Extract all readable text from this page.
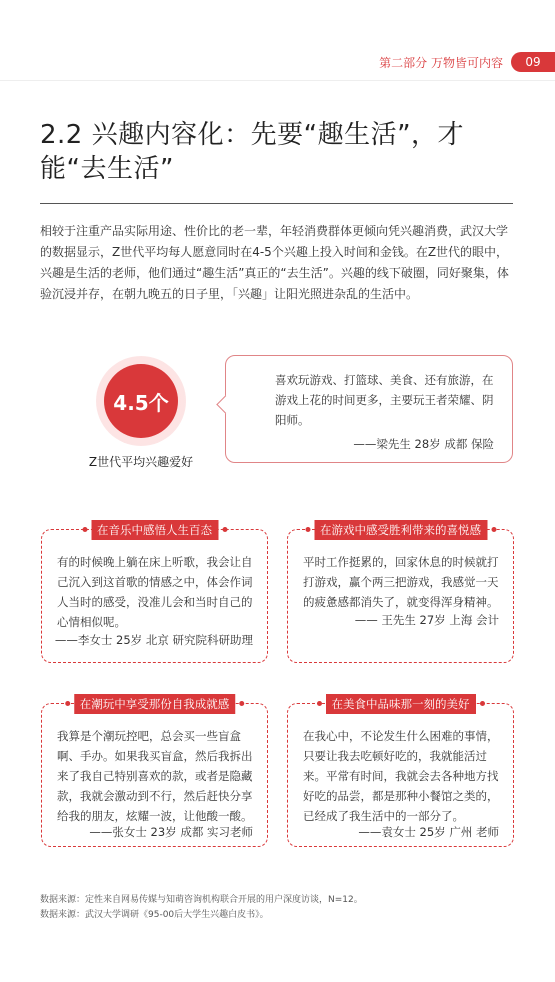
第二部分 万物皆可内容	09
2.2 兴趣内容化：先要“趣生活”，才能“去生活”
相较于注重产品实际用途、性价比的老一辈，年轻消费群体更倾向凭兴趣消费，武汉大学的数据显示，Z世代平均每人愿意同时在4-5个兴趣上投入时间和金钱。在Z世代的眼中，兴趣是生活的老师，他们通过“趣生活”真正的“去生活”。兴趣的线下破圈，同好聚集，体验沉浸并存，在朝九晚五的日子里，「兴趣」让阳光照进杂乱的生活中。
4.5个
Z世代平均兴趣爱好
喜欢玩游戏、打篮球、美食、还有旅游，在游戏上花的时间更多，主要玩王者荣耀、阴阳师。
——梁先生 28岁 成都 保险
在音乐中感悟人生百态
有的时候晚上躺在床上听歌，我会让自己沉入到这首歌的情感之中，体会作词人当时的感受，没准儿会和当时自己的心情相似呢。
——李女士 25岁 北京 研究院科研助理
在游戏中感受胜利带来的喜悦感
平时工作挺累的，回家休息的时候就打打游戏，赢个两三把游戏，我感觉一天的疲惫感都消失了，就变得浑身精神。
—— 王先生 27岁 上海 会计
在潮玩中享受那份自我成就感
我算是个潮玩控吧，总会买一些盲盒啊、手办。如果我买盲盒，然后我拆出来了我自己特别喜欢的款，或者是隐藏款，我就会激动到不行，然后赶快分享给我的朋友，炫耀一波，让他酸一酸。
——张女士 23岁 成都 实习老师
在美食中品味那一刻的美好
在我心中，不论发生什么困难的事情，只要让我去吃顿好吃的，我就能活过来。平常有时间，我就会去各种地方找好吃的品尝，都是那种小餐馆之类的，已经成了我生活中的一部分了。
——袁女士 25岁 广州 老师
数据来源：定性来自网易传媒与知萌咨询机构联合开展的用户深度访谈，N=12。
数据来源：武汉大学调研《95-00后大学生兴趣白皮书》。
